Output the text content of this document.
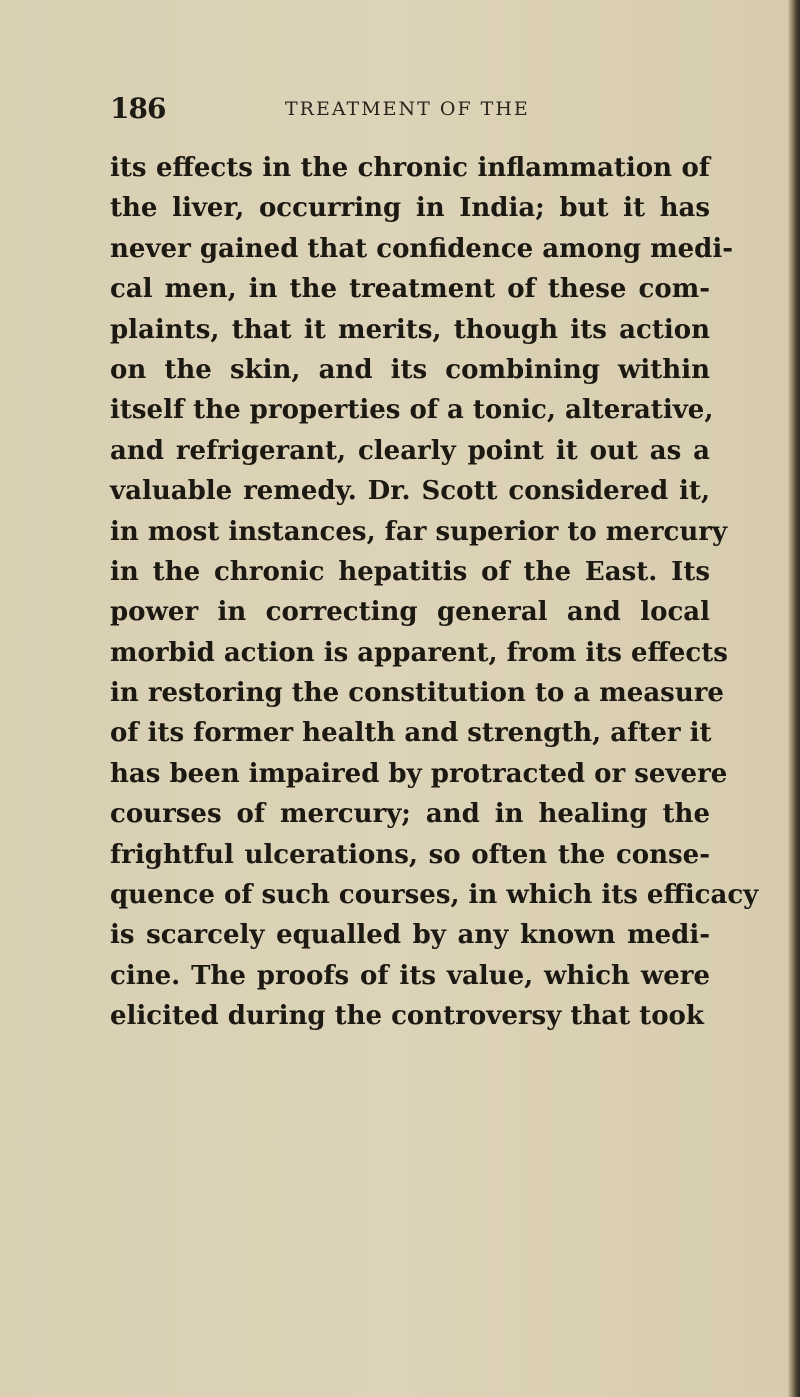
186	TREATMENT OF THE
its effects in the chronic inflammation of
the liver, occurring in India; but it has
never gained that confidence among medi-
cal men, in the treatment of these com-
plaints, that it merits, though its action
on the skin, and its combining within
itself the properties of a tonic, alterative,
and refrigerant, clearly point it out as a
valuable remedy. Dr. Scott considered it,
in most instances, far superior to mercury
in the chronic hepatitis of the East. Its
power in correcting general and local
morbid action is apparent, from its effects
in restoring the constitution to a measure
of its former health and strength, after it
has been impaired by protracted or severe
courses of mercury; and in healing the
frightful ulcerations, so often the conse-
quence of such courses, in which its efficacy
is scarcely equalled by any known medi-
cine. The proofs of its value, which were
elicited during the controversy that took
